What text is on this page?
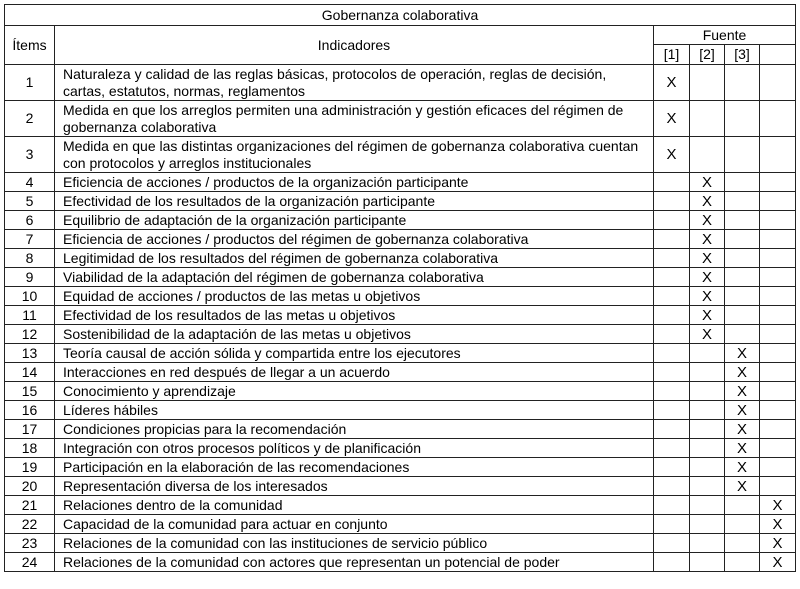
Gobernanza colaborativa					
Ítems	Indicadores	Fuente			
		[1]	[2]	[3]	
1	Naturaleza y calidad de las reglas básicas, protocolos de operación, reglas de decisión, cartas, estatutos, normas, reglamentos	X			
2	Medida en que los arreglos permiten una administración y gestión eficaces del régimen de gobernanza colaborativa	X			
3	Medida en que las distintas organizaciones del régimen de gobernanza colaborativa cuentan con protocolos y arreglos institucionales	X			
4	Eficiencia de acciones / productos de la organización participante		X		
5	Efectividad de los resultados de la organización participante		X		
6	Equilibrio de adaptación de la organización participante		X		
7	Eficiencia de acciones / productos del régimen de gobernanza colaborativa		X		
8	Legitimidad de los resultados del régimen de gobernanza colaborativa		X		
9	Viabilidad de la adaptación del régimen de gobernanza colaborativa		X		
10	Equidad de acciones / productos de las metas u objetivos		X		
11	Efectividad de los resultados de las metas u objetivos		X		
12	Sostenibilidad de la adaptación de las metas u objetivos		X		
13	Teoría causal de acción sólida y compartida entre los ejecutores			X	
14	Interacciones en red después de llegar a un acuerdo			X	
15	Conocimiento y aprendizaje			X	
16	Líderes hábiles			X	
17	Condiciones propicias para la recomendación			X	
18	Integración con otros procesos políticos y de planificación			X	
19	Participación en la elaboración de las recomendaciones			X	
20	Representación diversa de los interesados			X	
21	Relaciones dentro de la comunidad				X
22	Capacidad de la comunidad para actuar en conjunto				X
23	Relaciones de la comunidad con las instituciones de servicio público				X
24	Relaciones de la comunidad con actores que representan un potencial de poder				X
